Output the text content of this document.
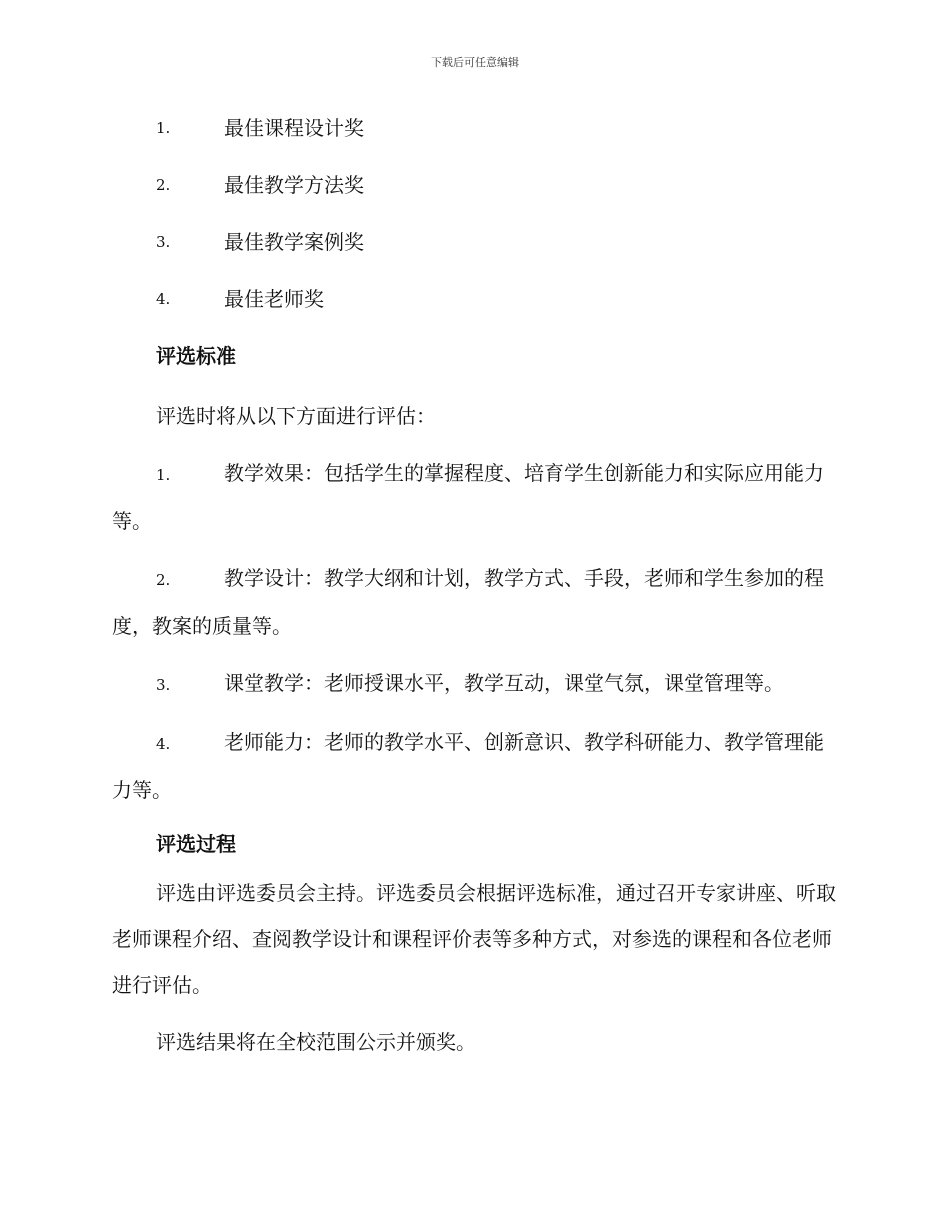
下载后可任意编辑
1.	最佳课程设计奖
2.	最佳教学方法奖
3.	最佳教学案例奖
4.	最佳老师奖
评选标准
评选时将从以下方面进行评估：
1.	教学效果：包括学生的掌握程度、培育学生创新能力和实际应用能力等。
2.	教学设计：教学大纲和计划，教学方式、手段，老师和学生参加的程度，教案的质量等。
3.	课堂教学：老师授课水平，教学互动，课堂气氛，课堂管理等。
4.	老师能力：老师的教学水平、创新意识、教学科研能力、教学管理能力等。
评选过程
评选由评选委员会主持。评选委员会根据评选标准，通过召开专家讲座、听取老师课程介绍、查阅教学设计和课程评价表等多种方式，对参选的课程和各位老师进行评估。
评选结果将在全校范围公示并颁奖。
